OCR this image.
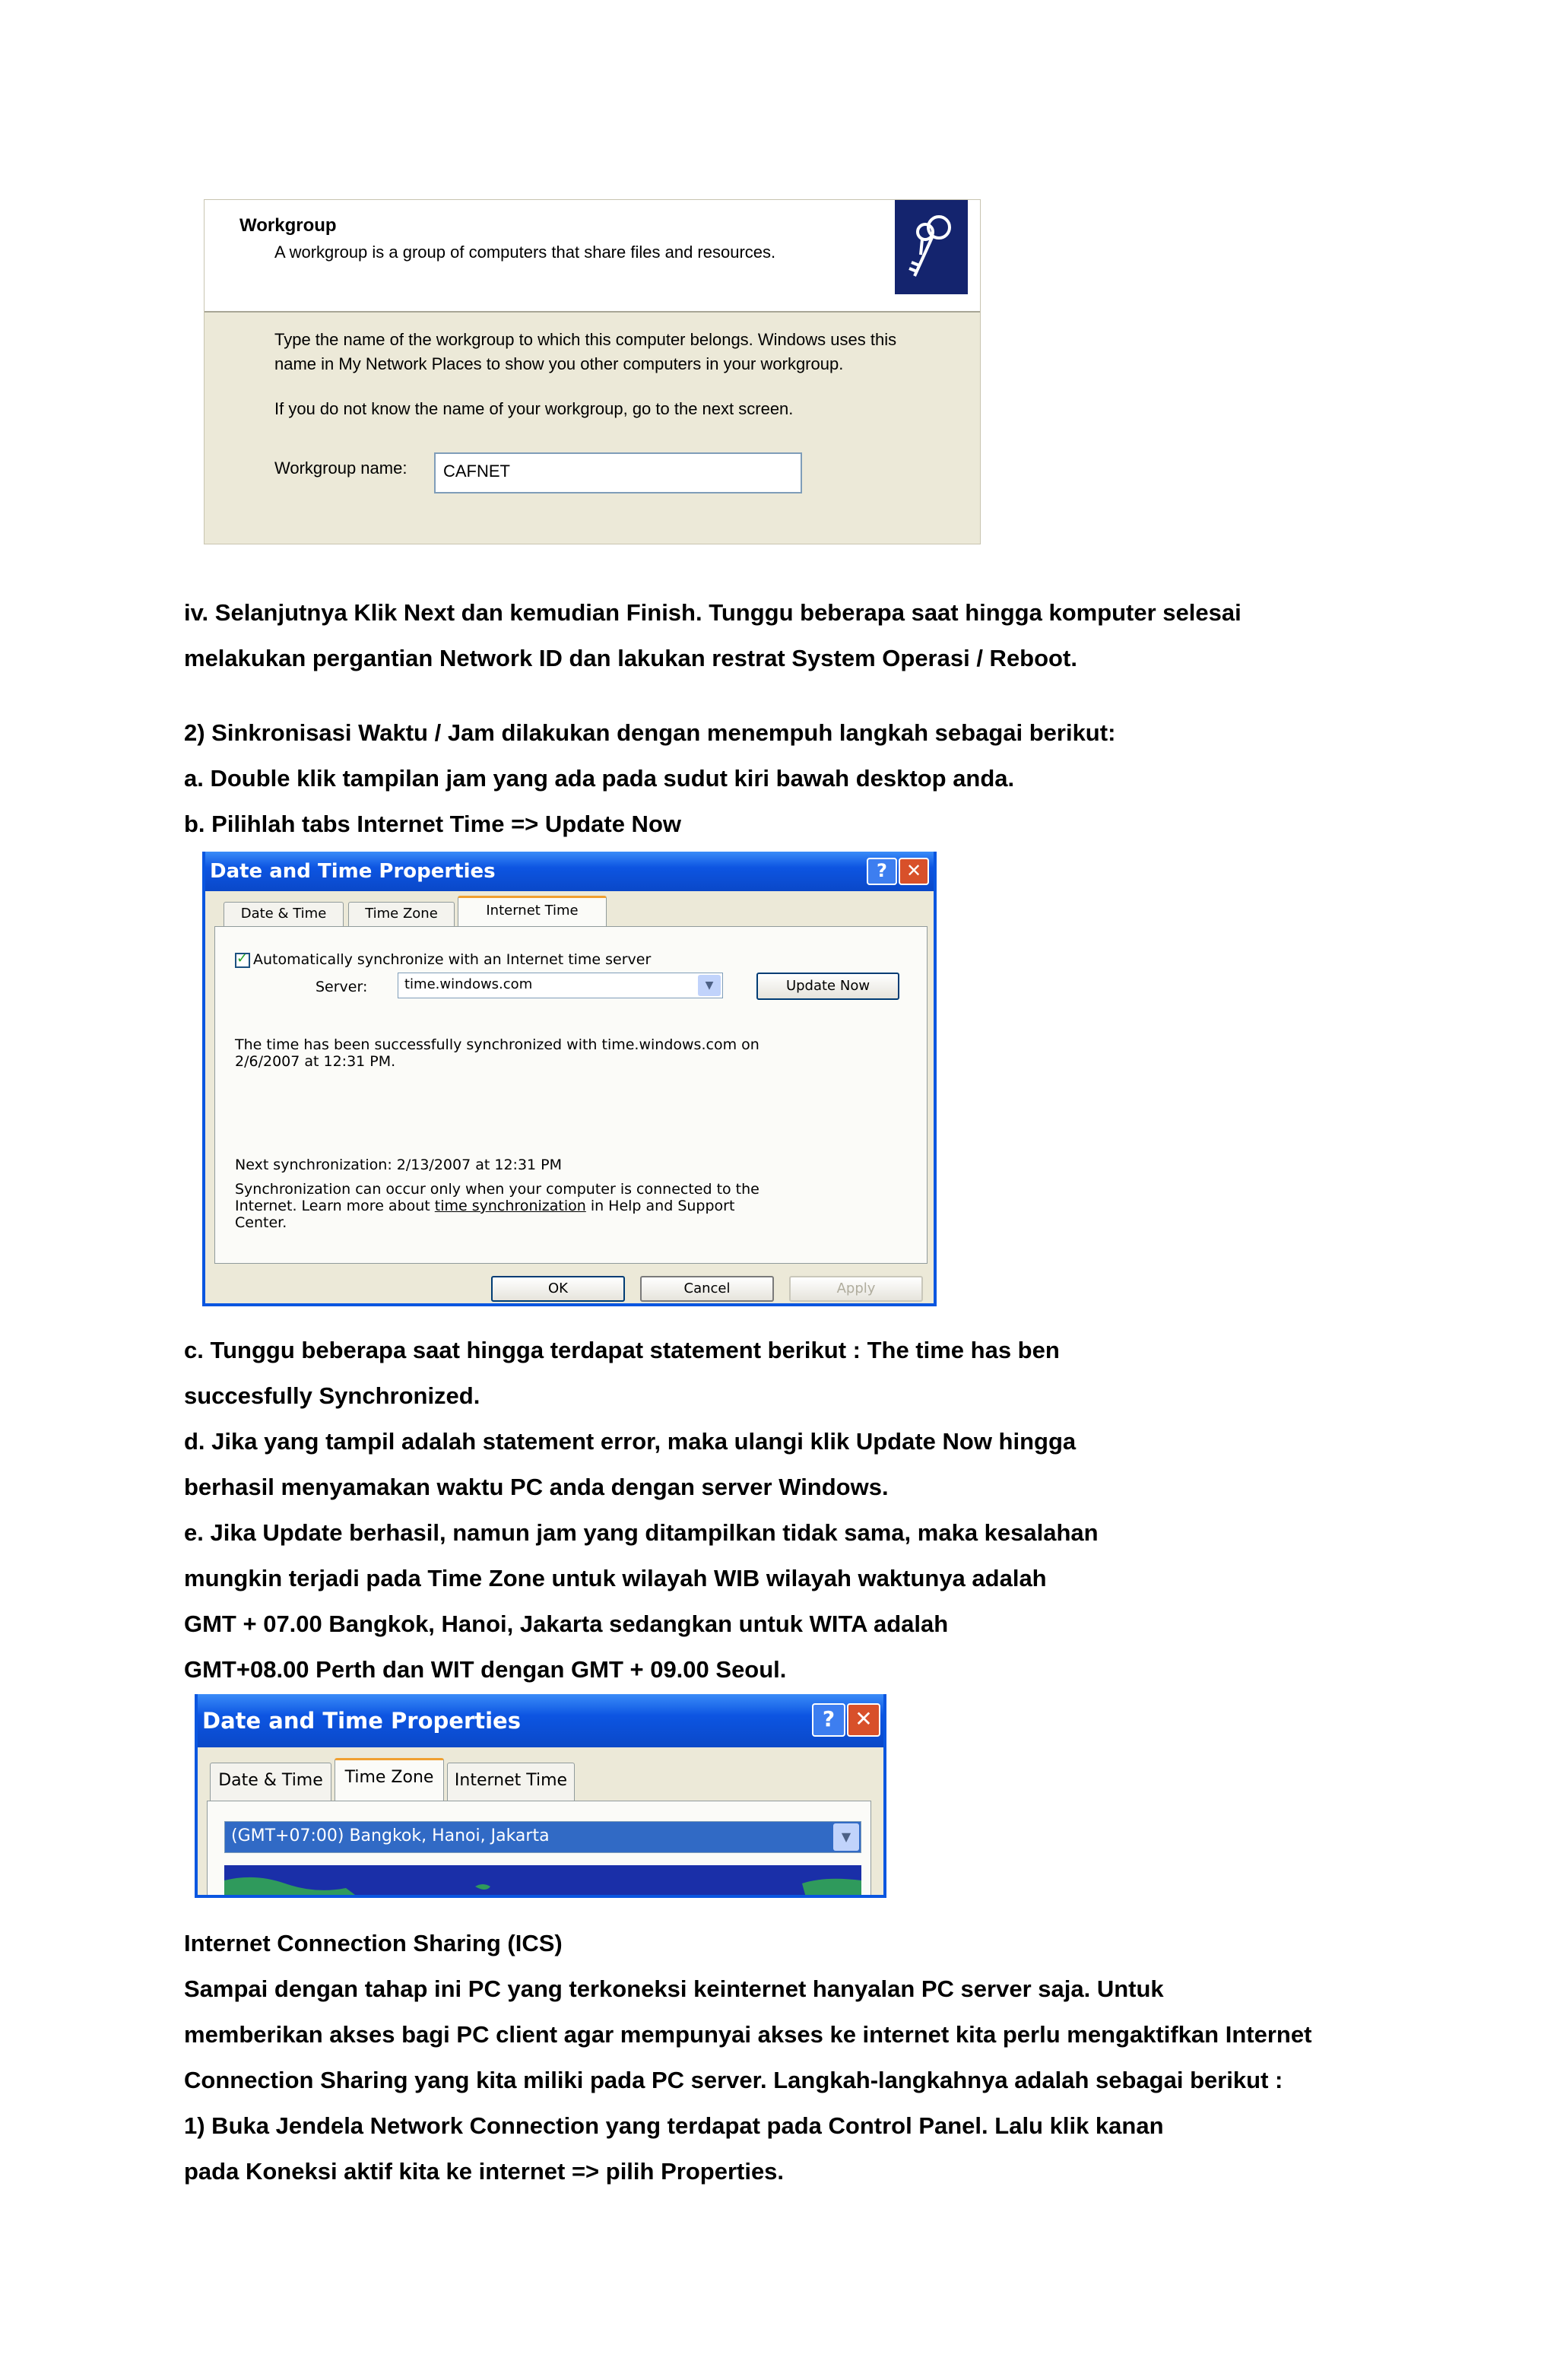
Workgroup
A workgroup is a group of computers that share files and resources.
Type the name of the workgroup to which this computer belongs. Windows uses this
name in My Network Places to show you other computers in your workgroup.
If you do not know the name of your workgroup, go to the next screen.
Workgroup name:	CAFNET
iv. Selanjutnya Klik Next dan kemudian Finish. Tunggu beberapa saat hingga komputer selesai
melakukan pergantian Network ID dan lakukan restrat System Operasi / Reboot.
2) Sinkronisasi Waktu / Jam dilakukan dengan menempuh langkah sebagai berikut:
a. Double klik tampilan jam yang ada pada sudut kiri bawah desktop anda.
b. Pilihlah tabs Internet Time => Update Now
Date and Time Properties	?	✕
Date & Time	Time Zone	Internet Time
✓Automatically synchronize with an Internet time server
Server:	time.windows.com	▼	Update Now
The time has been successfully synchronized with time.windows.com on
2/6/2007 at 12:31 PM.
Next synchronization: 2/13/2007 at 12:31 PM
Synchronization can occur only when your computer is connected to the
Internet. Learn more about time synchronization in Help and Support
Center.
OK	Cancel	Apply
c. Tunggu beberapa saat hingga terdapat statement berikut : The time has ben
succesfully Synchronized.
d. Jika yang tampil adalah statement error, maka ulangi klik Update Now hingga
berhasil menyamakan waktu PC anda dengan server Windows.
e. Jika Update berhasil, namun jam yang ditampilkan tidak sama, maka kesalahan
mungkin terjadi pada Time Zone untuk wilayah WIB wilayah waktunya adalah
GMT + 07.00 Bangkok, Hanoi, Jakarta sedangkan untuk WITA adalah
GMT+08.00 Perth dan WIT dengan GMT + 09.00 Seoul.
Date and Time Properties	? ✕
Date & Time	Time Zone	Internet Time
(GMT+07:00) Bangkok, Hanoi, Jakarta	▼
Internet Connection Sharing (ICS)
Sampai dengan tahap ini PC yang terkoneksi keinternet hanyalan PC server saja. Untuk
memberikan akses bagi PC client agar mempunyai akses ke internet kita perlu mengaktifkan Internet
Connection Sharing yang kita miliki pada PC server. Langkah-langkahnya adalah sebagai berikut :
1) Buka Jendela Network Connection yang terdapat pada Control Panel. Lalu klik kanan
pada Koneksi aktif kita ke internet => pilih Properties.
